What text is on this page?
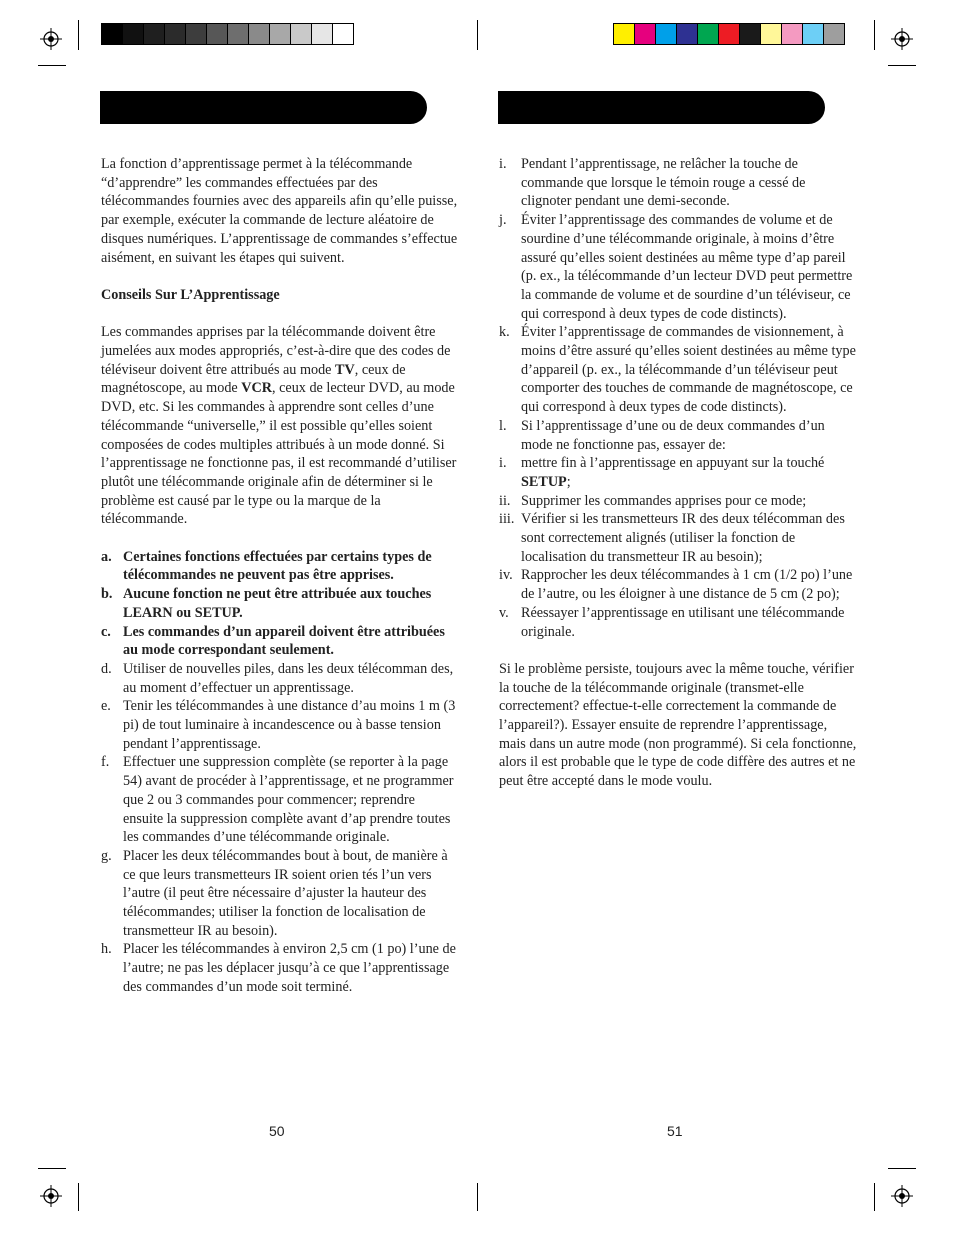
La fonction d’apprentissage permet à la télécommande “d’apprendre” les commandes effectuées par des télécommandes fournies avec des appareils afin qu’elle puisse, par exemple, exécuter la commande de lecture aléatoire de disques numériques. L’apprentissage de commandes s’effectue aisément, en suivant les étapes qui suivent.

Conseils Sur L’Apprentissage

Les commandes apprises par la télécommande doivent être jumelées aux modes appropriés, c’est-à-dire que des codes de téléviseur doivent être attribués au mode TV, ceux de magnétoscope, au mode VCR, ceux de lecteur DVD, au mode DVD, etc. Si les commandes à apprendre sont celles d’une télécommande “universelle,” il est possible qu’elles soient composées de codes multiples attribués à un mode donné. Si l’apprentissage ne fonctionne pas, il est recommandé d’utiliser plutôt une télécommande originale afin de déterminer si le problème est causé par le type ou la marque de la télécommande.

a. Certaines fonctions effectuées par certains types de télécommandes ne peuvent pas être apprises.
b. Aucune fonction ne peut être attribuée aux touches LEARN ou SETUP.
c. Les commandes d’un appareil doivent être attribuées au mode correspondant seulement.
d. Utiliser de nouvelles piles, dans les deux télécomman des, au moment d’effectuer un apprentissage.
e. Tenir les télécommandes à une distance d’au moins 1 m (3 pi) de tout luminaire à incandescence ou à basse tension pendant l’apprentissage.
f. Effectuer une suppression complète (se reporter à la page 54) avant de procéder à l’apprentissage, et ne programmer que 2 ou 3 commandes pour commencer; reprendre ensuite la suppression complète avant d’ap prendre toutes les commandes d’une télécommande originale.
g. Placer les deux télécommandes bout à bout, de manière à ce que leurs transmetteurs IR soient orien tés l’un vers l’autre (il peut être nécessaire d’ajuster la hauteur des télécommandes; utiliser la fonction de localisation de transmetteur IR au besoin).
h. Placer les télécommandes à environ 2,5 cm (1 po) l’une de l’autre; ne pas les déplacer jusqu’à ce que l’apprentissage des commandes d’un mode soit terminé.
i.	Pendant l’apprentissage, ne relâcher la touche de commande que lorsque le témoin rouge a cessé de clignoter pendant une demi-seconde.
j.	Éviter l’apprentissage des commandes de volume et de sourdine d’une télécommande originale, à moins d’être assuré qu’elles soient destinées au même type d’ap pareil (p. ex., la télécommande d’un lecteur DVD peut permettre la commande de volume et de sourdine d’un téléviseur, ce qui correspond à deux types de code distincts).
k. Éviter l’apprentissage de commandes de visionnement, à moins d’être assuré qu’elles soient destinées au même type d’appareil (p. ex., la télécommande d’un téléviseur peut comporter des touches de commande de magnétoscope, ce qui correspond à deux types de code distincts).
l.	Si l’apprentissage d’une ou de deux commandes d’un mode ne fonctionne pas, essayer de:
i.	mettre fin à l’apprentissage en appuyant sur la touché SETUP;
ii. Supprimer les commandes apprises pour ce mode;
iii. Vérifier si les transmetteurs IR des deux télécomman des sont correctement alignés (utiliser la fonction de localisation du transmetteur IR au besoin);
iv. Rapprocher les deux télécommandes à 1 cm (1/2 po) l’une de l’autre, ou les éloigner à une distance de 5 cm (2 po);
v. Réessayer l’apprentissage en utilisant une télécommande originale.

Si le problème persiste, toujours avec la même touche, vérifier la touche de la télécommande originale (transmet-elle correctement? effectue-t-elle correctement la commande de l’appareil?). Essayer ensuite de reprendre l’apprentissage, mais dans un autre mode (non programmé). Si cela fonctionne, alors il est probable que le type de code diffère des autres et ne peut être accepté dans le mode voulu.

50	51
